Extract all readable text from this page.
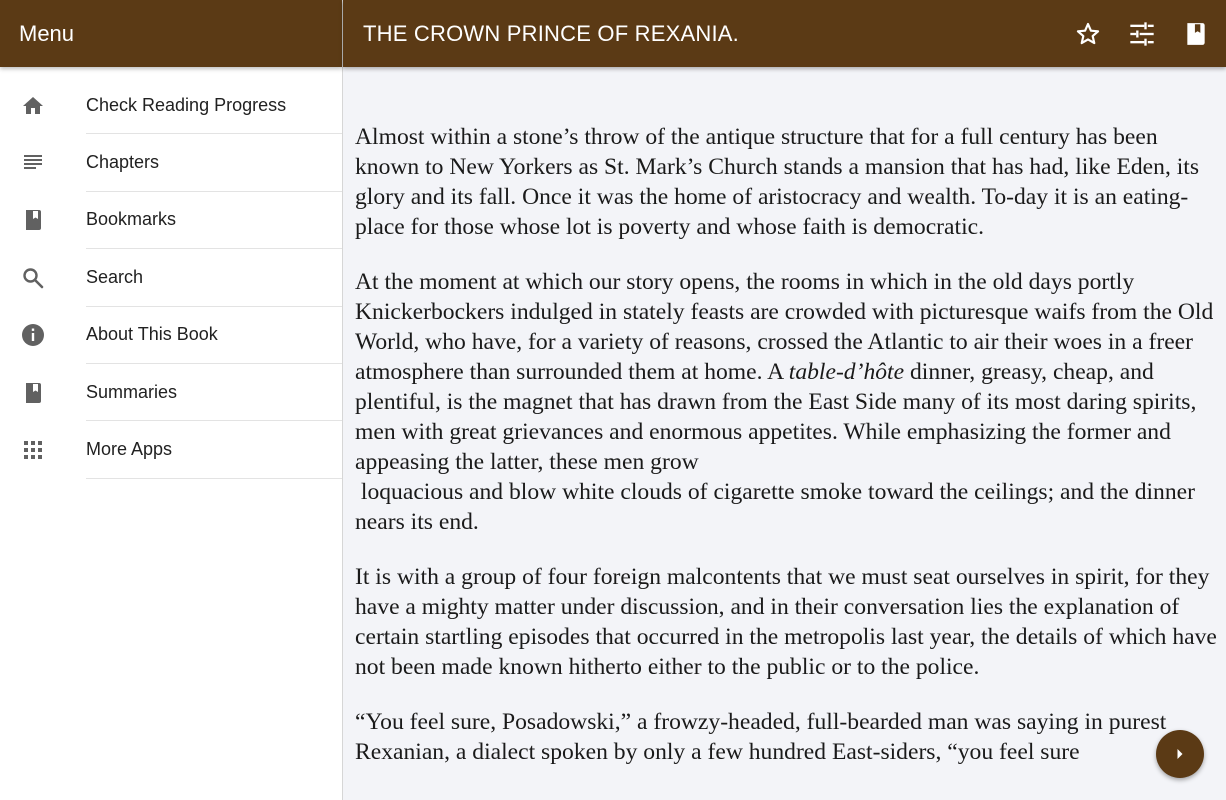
Menu
Check Reading Progress
Chapters
Bookmarks
Search
About This Book
Summaries
More Apps
THE CROWN PRINCE OF REXANIA.

Almost within a stone’s throw of the antique structure that for a full century has been known to New Yorkers as St. Mark’s Church stands a mansion that has had, like Eden, its glory and its fall. Once it was the home of aristocracy and wealth. To-day it is an eating-place for those whose lot is poverty and whose faith is democratic.

At the moment at which our story opens, the rooms in which in the old days portly Knickerbockers indulged in stately feasts are crowded with picturesque waifs from the Old World, who have, for a variety of reasons, crossed the Atlantic to air their woes in a freer atmosphere than surrounded them at home. A table-d’hôte dinner, greasy, cheap, and plentiful, is the magnet that has drawn from the East Side many of its most daring spirits, men with great grievances and enormous appetites. While emphasizing the former and appeasing the latter, these men grow
loquacious and blow white clouds of cigarette smoke toward the ceilings; and the dinner nears its end.

It is with a group of four foreign malcontents that we must seat ourselves in spirit, for they have a mighty matter under discussion, and in their conversation lies the explanation of certain startling episodes that occurred in the metropolis last year, the details of which have not been made known hitherto either to the public or to the police.

“You feel sure, Posadowski,” a frowzy-headed, full-bearded man was saying in purest Rexanian, a dialect spoken by only a few hundred East-siders, “you feel sure
